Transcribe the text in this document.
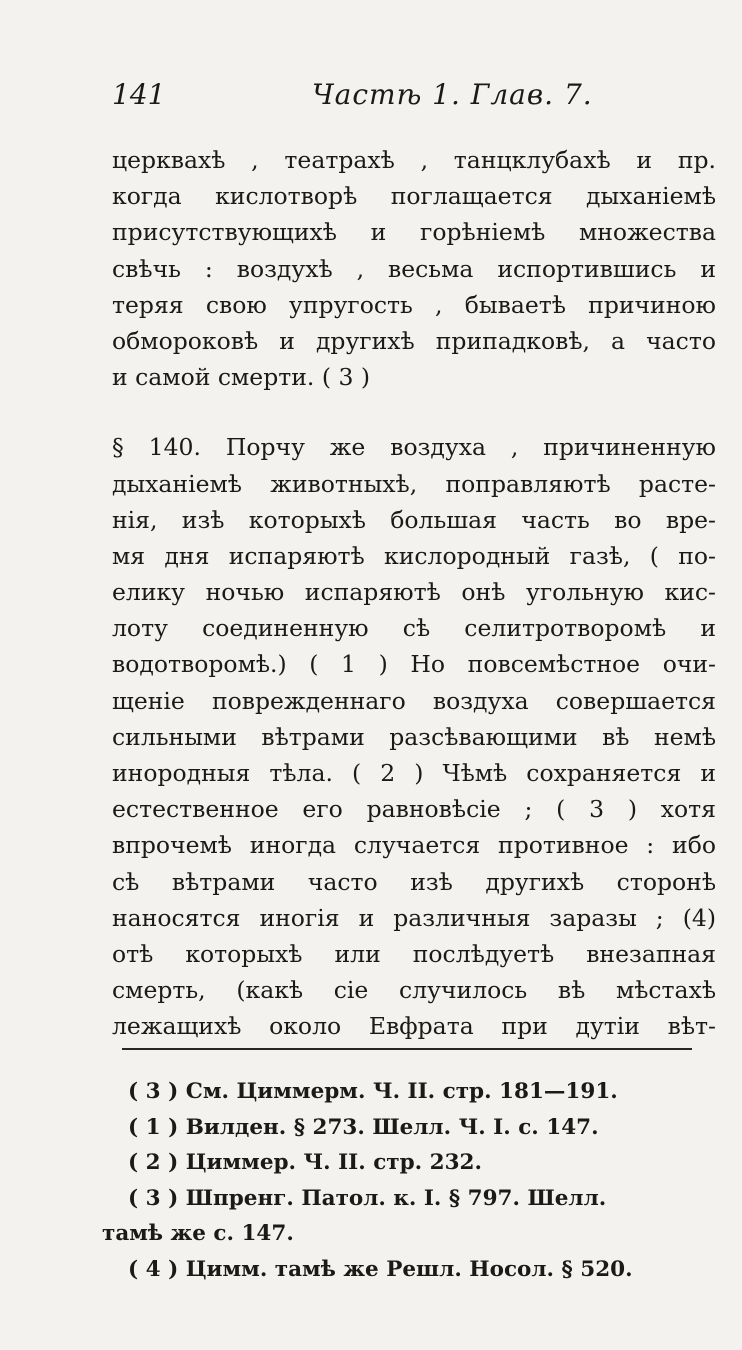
141	Частѣ 1. Глав. 7.
церквахѣ , театрахѣ , танцклубахѣ и пр.
когда кислотворѣ поглащается дыханіемѣ
присутствующихѣ и горѣніемѣ множества
свѣчь : воздухѣ , весьма испортившись и
теряя свою упругость , бываетѣ причиною
обмороковѣ и другихѣ припадковѣ, а часто
и самой смерти. ( 3 )
§ 140. Порчу же воздуха , причиненную
дыханіемѣ животныхѣ, поправляютѣ расте-
нія, изѣ которыхѣ большая часть во вре-
мя дня испаряютѣ кислородный газѣ, ( по-
елику ночью испаряютѣ онѣ угольную кис-
лоту соединенную сѣ селитротворомѣ и
водотворомѣ.) ( 1 ) Но повсемѣстное очи-
щеніе поврежденнаго воздуха совершается
сильными вѣтрами разсѣвающими вѣ немѣ
инородныя тѣла. ( 2 ) Чѣмѣ сохраняется и
естественное его равновѣсіе ; ( 3 ) хотя
впрочемѣ иногда случается противное : ибо
сѣ вѣтрами часто изѣ другихѣ сторонѣ
наносятся иногія и различныя заразы ; (4)
отѣ которыхѣ или послѣдуетѣ внезапная
смерть, (какѣ сіе случилось вѣ мѣстахѣ
лежащихѣ около Евфрата при дутіи вѣт-
( 3 ) См. Циммерм. Ч. II. стр. 181—191.
( 1 ) Вилден. § 273. Шелл. Ч. I. с. 147.
( 2 ) Циммер. Ч. II. стр. 232.
( 3 ) Шпренг. Патол. к. I. § 797. Шелл.
тамѣ же с. 147.
( 4 ) Цимм. тамѣ же Решл. Носол. § 520.
